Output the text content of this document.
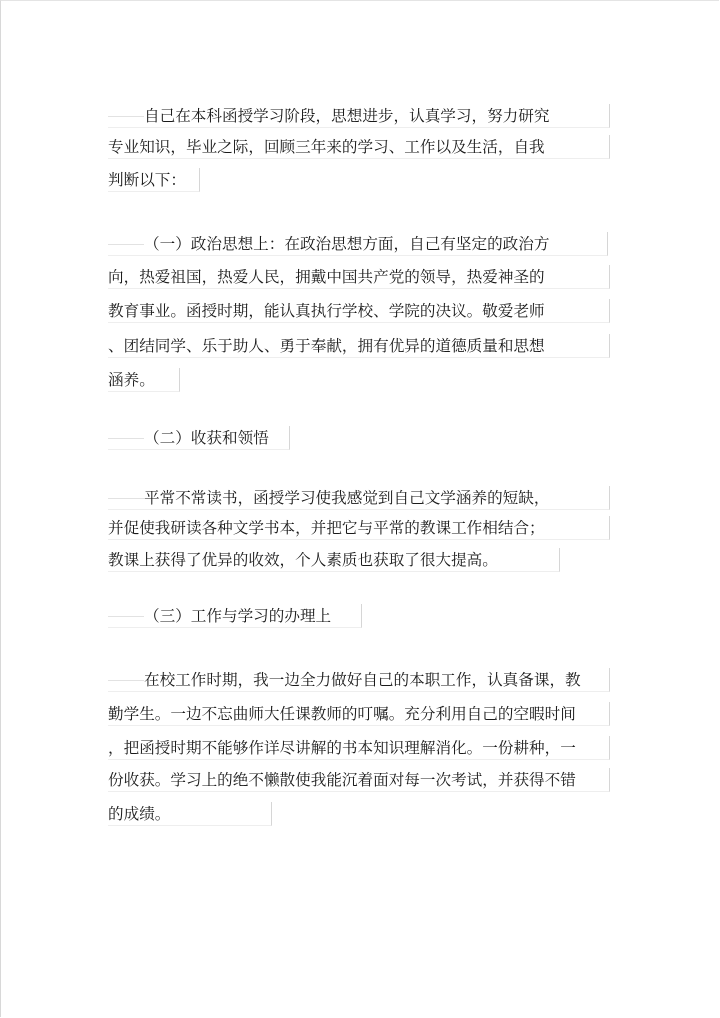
自己在本科函授学习阶段，思想进步，认真学习，努力研究
专业知识，毕业之际，回顾三年来的学习、工作以及生活，自我
判断以下：
（一）政治思想上：在政治思想方面，自己有坚定的政治方
向，热爱祖国，热爱人民，拥戴中国共产党的领导，热爱神圣的
教育事业。函授时期，能认真执行学校、学院的决议。敬爱老师
、团结同学、乐于助人、勇于奉献，拥有优异的道德质量和思想
涵养。
（二）收获和领悟
平常不常读书，函授学习使我感觉到自己文学涵养的短缺，
并促使我研读各种文学书本，并把它与平常的教课工作相结合；
教课上获得了优异的收效，个人素质也获取了很大提高。
（三）工作与学习的办理上
在校工作时期，我一边全力做好自己的本职工作，认真备课，教
勤学生。一边不忘曲师大任课教师的叮嘱。充分利用自己的空暇时间
，把函授时期不能够作详尽讲解的书本知识理解消化。一份耕种，一
份收获。学习上的绝不懒散使我能沉着面对每一次考试，并获得不错
的成绩。
